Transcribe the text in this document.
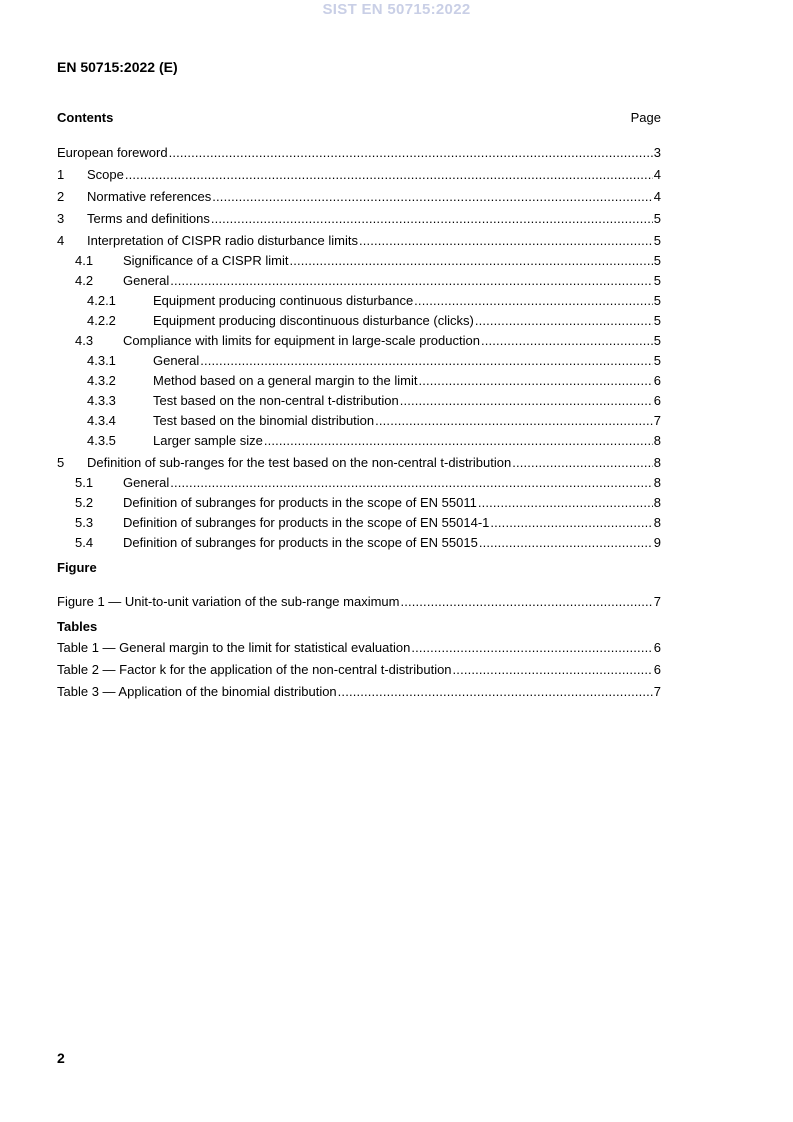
SIST EN 50715:2022
EN 50715:2022 (E)
Contents	Page
European foreword .....	3
1	Scope .....	4
2	Normative references .....	4
3	Terms and definitions .....	5
4	Interpretation of CISPR radio disturbance limits .....	5
4.1	Significance of a CISPR limit .....	5
4.2	General .....	5
4.2.1	Equipment producing continuous disturbance .....	5
4.2.2	Equipment producing discontinuous disturbance (clicks) .....	5
4.3	Compliance with limits for equipment in large-scale production .....	5
4.3.1	General .....	5
4.3.2	Method based on a general margin to the limit .....	6
4.3.3	Test based on the non-central t-distribution .....	6
4.3.4	Test based on the binomial distribution .....	7
4.3.5	Larger sample size .....	8
5	Definition of sub-ranges for the test based on the non-central t-distribution .....	8
5.1	General .....	8
5.2	Definition of subranges for products in the scope of EN 55011 .....	8
5.3	Definition of subranges for products in the scope of EN 55014-1 .....	8
5.4	Definition of subranges for products in the scope of EN 55015 .....	9
Figure
Figure 1 — Unit-to-unit variation of the sub-range maximum .....	7
Tables
Table 1 — General margin to the limit for statistical evaluation .....	6
Table 2 — Factor k for the application of the non-central t-distribution .....	6
Table 3 — Application of the binomial distribution .....	7
2
